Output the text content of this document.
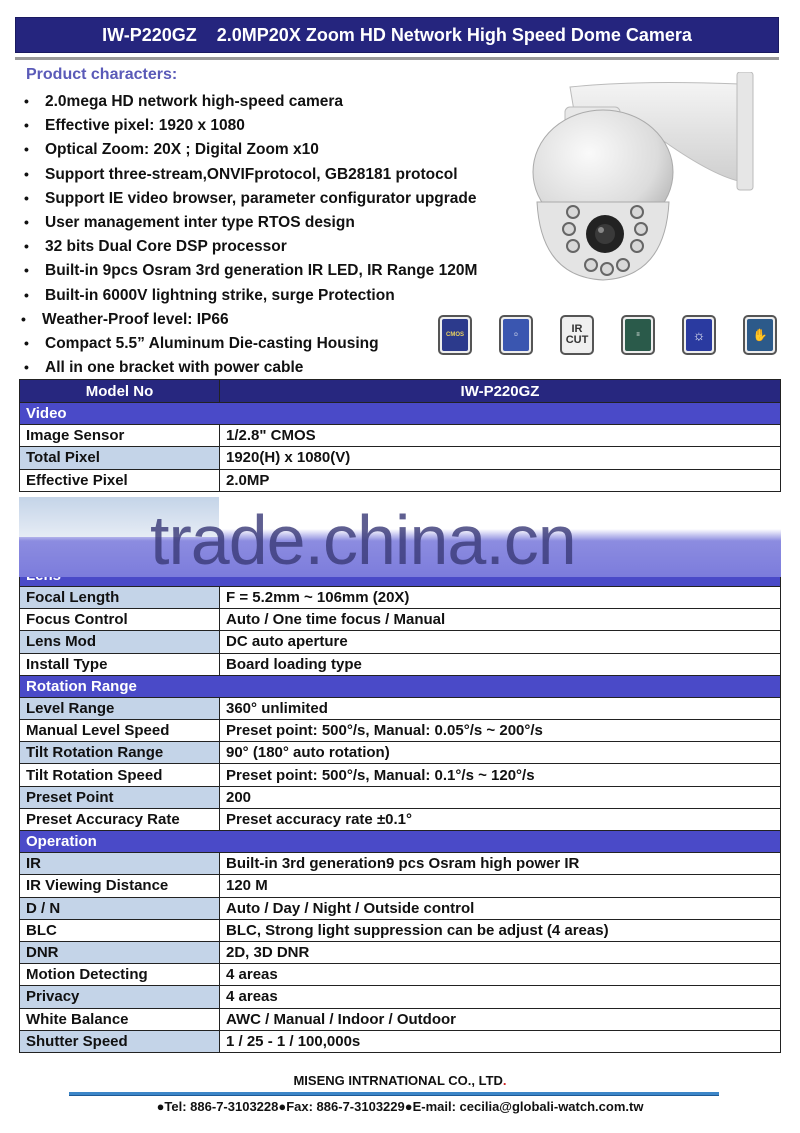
IW-P220GZ    2.0MP20X Zoom HD Network High Speed Dome Camera
Product characters:
• 2.0mega HD network high-speed camera
• Effective pixel: 1920 x 1080
• Optical Zoom: 20X ; Digital Zoom x10
• Support three-stream,ONVIFprotocol, GB28181 protocol
• Support IE video browser, parameter configurator upgrade
• User management inter type RTOS design
• 32 bits Dual Core DSP processor
• Built-in 9pcs Osram 3rd generation IR LED, IR Range 120M
• Built-in 6000V lightning strike, surge Protection
• Weather-Proof level: IP66
• Compact 5.5” Aluminum Die-casting Housing
• All in one bracket with power cable
CMOS	☺	IR
CUT	≡	☼	✋
Model No	IW-P220GZ
Video	
Image Sensor	1/2.8" CMOS
Total Pixel	1920(H) x 1080(V)
Effective Pixel	2.0MP

Focal Length	F = 5.2mm ~ 106mm (20X)
Focus Control	Auto / One time focus / Manual
Lens Mod	DC auto aperture
Install Type	Board loading type
Rotation Range	
Level Range	360° unlimited
Manual Level Speed	Preset point: 500°/s, Manual: 0.05°/s ~ 200°/s
Tilt Rotation Range	90° (180° auto rotation)
Tilt Rotation Speed	Preset point: 500°/s, Manual: 0.1°/s ~ 120°/s
Preset Point	200
Preset Accuracy Rate	Preset accuracy rate ±0.1°
Operation	
IR	Built-in 3rd generation9 pcs Osram high power IR
IR Viewing Distance	120 M
D / N	Auto / Day / Night / Outside control
BLC	BLC, Strong light suppression can be adjust (4 areas)
DNR	2D, 3D DNR
Motion Detecting	4 areas
Privacy	4 areas
White Balance	AWC / Manual / Indoor / Outdoor
Shutter Speed	1 / 25 - 1 / 100,000s
trade.china.cn
MISENG INTRNATIONAL CO., LTD.
●Tel: 886-7-3103228●Fax: 886-7-3103229●E-mail: cecilia@globali-watch.com.tw
